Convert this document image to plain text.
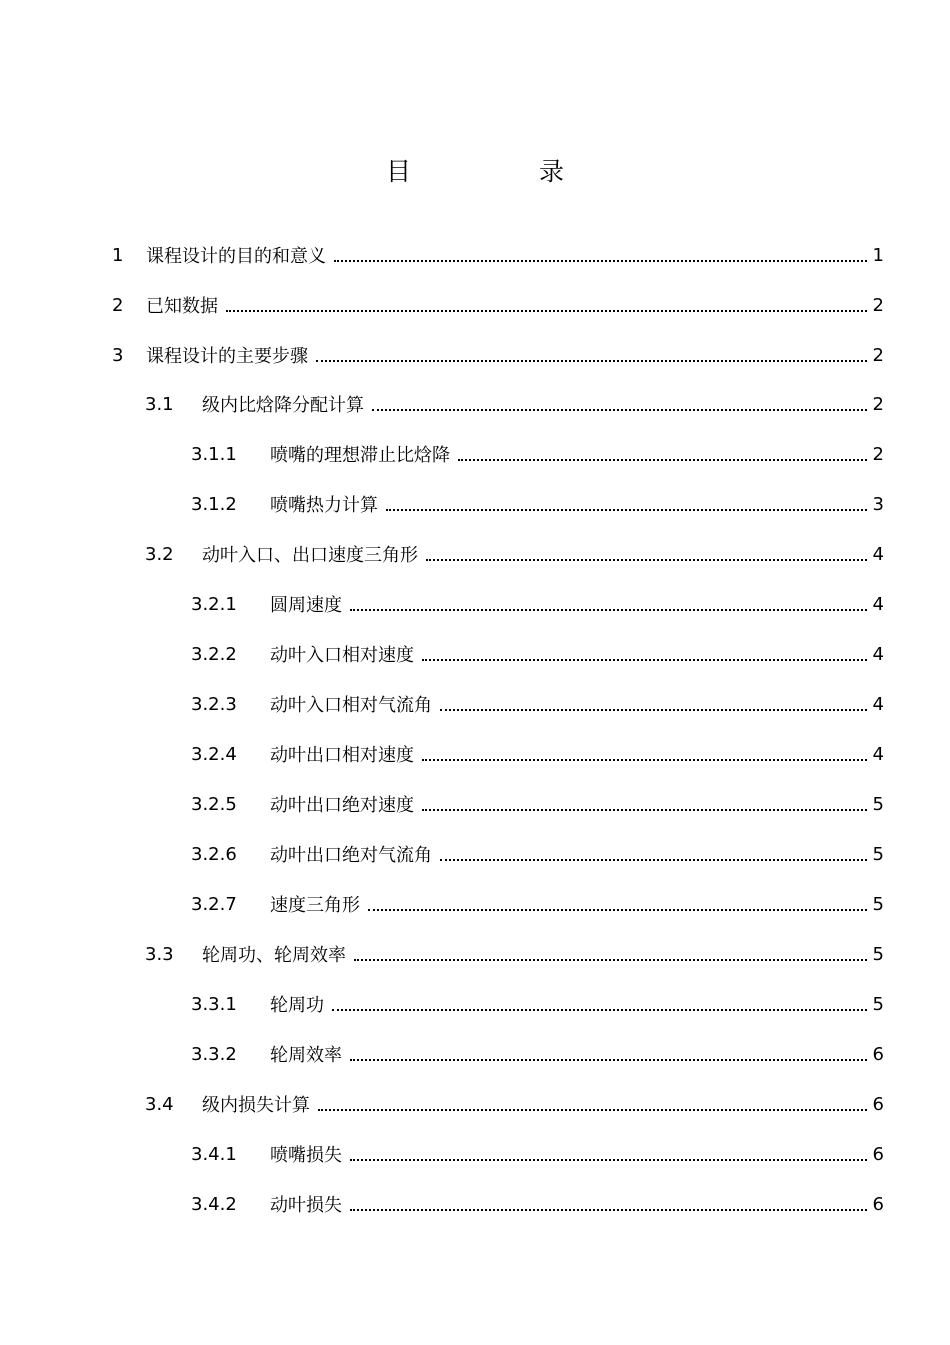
目 录
1	课程设计的目的和意义	1
2	已知数据	2
3	课程设计的主要步骤	2
3.1	级内比焓降分配计算	2
3.1.1	喷嘴的理想滞止比焓降	2
3.1.2	喷嘴热力计算	3
3.2	动叶入口、出口速度三角形	4
3.2.1	圆周速度	4
3.2.2	动叶入口相对速度	4
3.2.3	动叶入口相对气流角	4
3.2.4	动叶出口相对速度	4
3.2.5	动叶出口绝对速度	5
3.2.6	动叶出口绝对气流角	5
3.2.7	速度三角形	5
3.3	轮周功、轮周效率	5
3.3.1	轮周功	5
3.3.2	轮周效率	6
3.4	级内损失计算	6
3.4.1	喷嘴损失	6
3.4.2	动叶损失	6
